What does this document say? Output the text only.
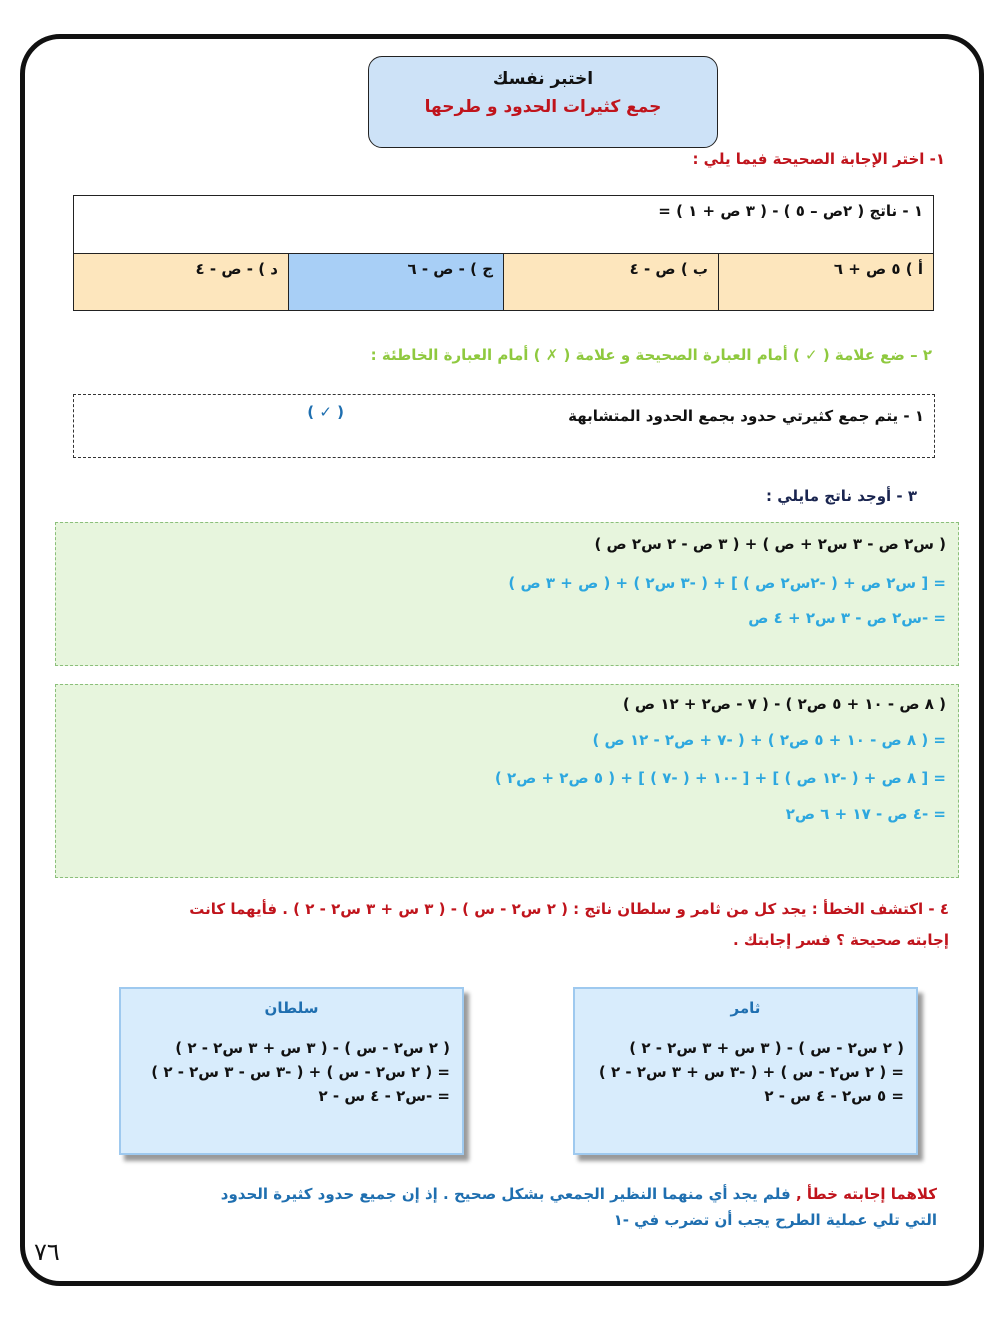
اختبر نفسك
جمع كثيرات الحدود و طرحها
١- اختر الإجابة الصحيحة فيما يلي :
١ - ناتج ( ٢ص – ٥ ) - ( ٣ ص + ١ ) =
أ ) ٥ ص + ٦	ب ) ص - ٤	ج ) - ص - ٦	د ) - ص - ٤
٢ – ضع علامة ( ✓ ) أمام العبارة الصحيحة و علامة ( ✗ ) أمام العبارة الخاطئة :
١ - يتم جمع كثيرتي حدود بجمع الحدود المتشابهة
( ✓ )
٣ - أوجد ناتج مايلي :
( س٢ ص - ٣ س٢ + ص ) + ( ٣ ص - ٢ س٢ ص )
= [ س٢ ص + ( -٢س٢ ص ) ] + ( -٣ س٢ ) + ( ص + ٣ ص )
= -س٢ ص - ٣ س٢ + ٤ ص
( ٨ ص - ١٠ + ٥ ص٢ ) - ( ٧ - ص٢ + ١٢ ص )
= ( ٨ ص - ١٠ + ٥ ص٢ ) + ( -٧ + ص٢ - ١٢ ص )
= [ ٨ ص + ( -١٢ ص ) ] + [ -١٠ + ( -٧ ) ] + ( ٥ ص٢ + ص٢ )
= -٤ ص - ١٧ + ٦ ص٢
٤ - اكتشف الخطأ : يجد كل من ثامر و سلطان ناتج : ( ٢ س٢ - س ) - ( ٣ س + ٣ س٢ - ٢ ) . فأيهما كانت
إجابته صحيحة ؟ فسر إجابتك .
ثامر
( ٢ س٢ - س ) - ( ٣ س + ٣ س٢ - ٢ )
= ( ٢ س٢ - س ) + ( -٣ س + ٣ س٢ - ٢ )
= ٥ س٢ - ٤ س - ٢
سلطان
( ٢ س٢ - س ) - ( ٣ س + ٣ س٢ - ٢ )
= ( ٢ س٢ - س ) + ( -٣ س - ٣ س٢ - ٢ )
= -س٢ - ٤ س - ٢
كلاهما إجابته خطأ , فلم يجد أي منهما النظير الجمعي بشكل صحيح . إذ إن جميع حدود كثيرة الحدود
التي تلي عملية الطرح يجب أن تضرب في -١
٧٦
